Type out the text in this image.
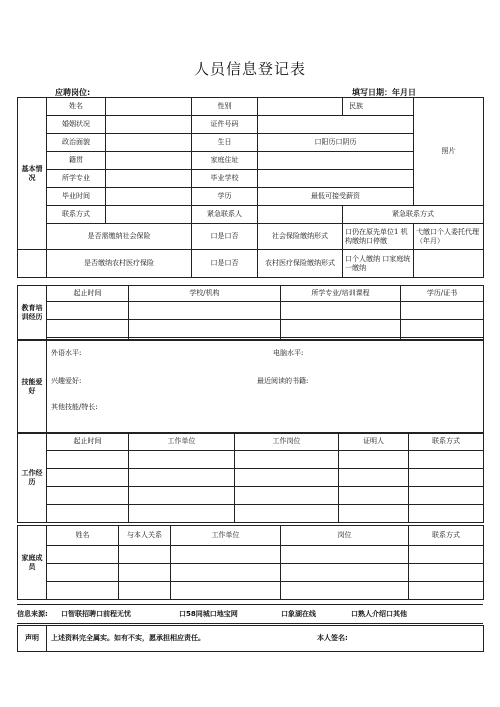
人员信息登记表
应聘岗位:	填写日期：年月日
基本情况	姓名		性别		民族	照片
	婚姻状况		证件号码			
	政治面貌		生日	口阳历口阴历		
	籍贯		家庭住址			
	所学专业		毕业学校			
	毕业时间		学历	最低可接受薪资		
	联系方式		紧急联系人		紧急联系方式	
	是否需缴纳社会保险		口是口否	社会保险缴纳形式	口仍在原先单位1 机构缴纳口停缴	弋缴口个人委托代理 （年月）
	是否缴纳农村医疗保险		口是口否	农村医疗保险缴纳形式	口个人缴纳 口家庭统一缴纳	
教育培训经历	起止时间	学校/机构	所学专业/培训课程	学历/证书

技能爱好	
外语水平:	电脑水平:
兴趣爱好:	最近阅读的书籍:
其他技能/特长:
工作经历	起止时间	工作单位	工作岗位	证明人	联系方式

家庭成员	姓名	与本人关系	工作单位	岗位	联系方式

信息来源: 口智联招聘口前程无忧	口58同城口地宝网	口象湖在线	口熟人介绍口其他
声明	上述资料完全属实。如有不实，愿承担相应责任。	本人签名:
